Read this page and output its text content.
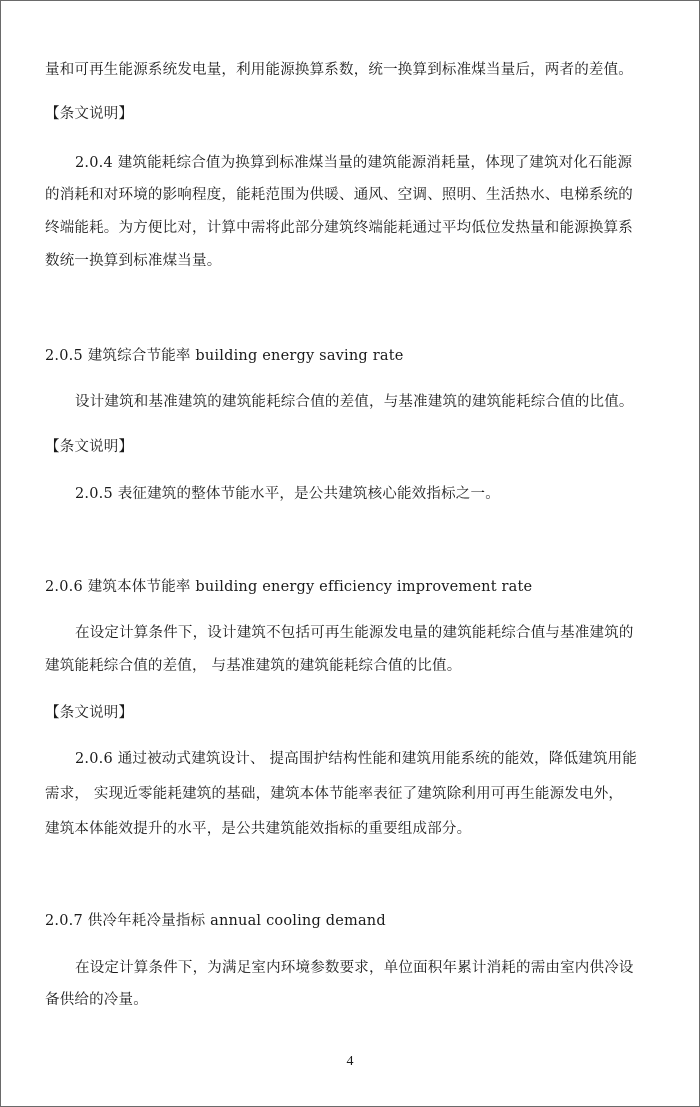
量和可再生能源系统发电量，利用能源换算系数，统一换算到标准煤当量后，两者的差值。
【条文说明】
2.0.4 建筑能耗综合值为换算到标准煤当量的建筑能源消耗量，体现了建筑对化石能源
的消耗和对环境的影响程度，能耗范围为供暖、通风、空调、照明、生活热水、电梯系统的
终端能耗。为方便比对，计算中需将此部分建筑终端能耗通过平均低位发热量和能源换算系
数统一换算到标准煤当量。
2.0.5 建筑综合节能率 building energy saving rate
设计建筑和基准建筑的建筑能耗综合值的差值，与基准建筑的建筑能耗综合值的比值。
【条文说明】
2.0.5 表征建筑的整体节能水平，是公共建筑核心能效指标之一。
2.0.6 建筑本体节能率 building energy efficiency improvement rate
在设定计算条件下，设计建筑不包括可再生能源发电量的建筑能耗综合值与基准建筑的
建筑能耗综合值的差值， 与基准建筑的建筑能耗综合值的比值。
【条文说明】
2.0.6 通过被动式建筑设计、 提高围护结构性能和建筑用能系统的能效，降低建筑用能
需求， 实现近零能耗建筑的基础，建筑本体节能率表征了建筑除利用可再生能源发电外，
建筑本体能效提升的水平，是公共建筑能效指标的重要组成部分。
2.0.7 供冷年耗冷量指标 annual cooling demand
在设定计算条件下，为满足室内环境参数要求，单位面积年累计消耗的需由室内供冷设
备供给的冷量。
4
